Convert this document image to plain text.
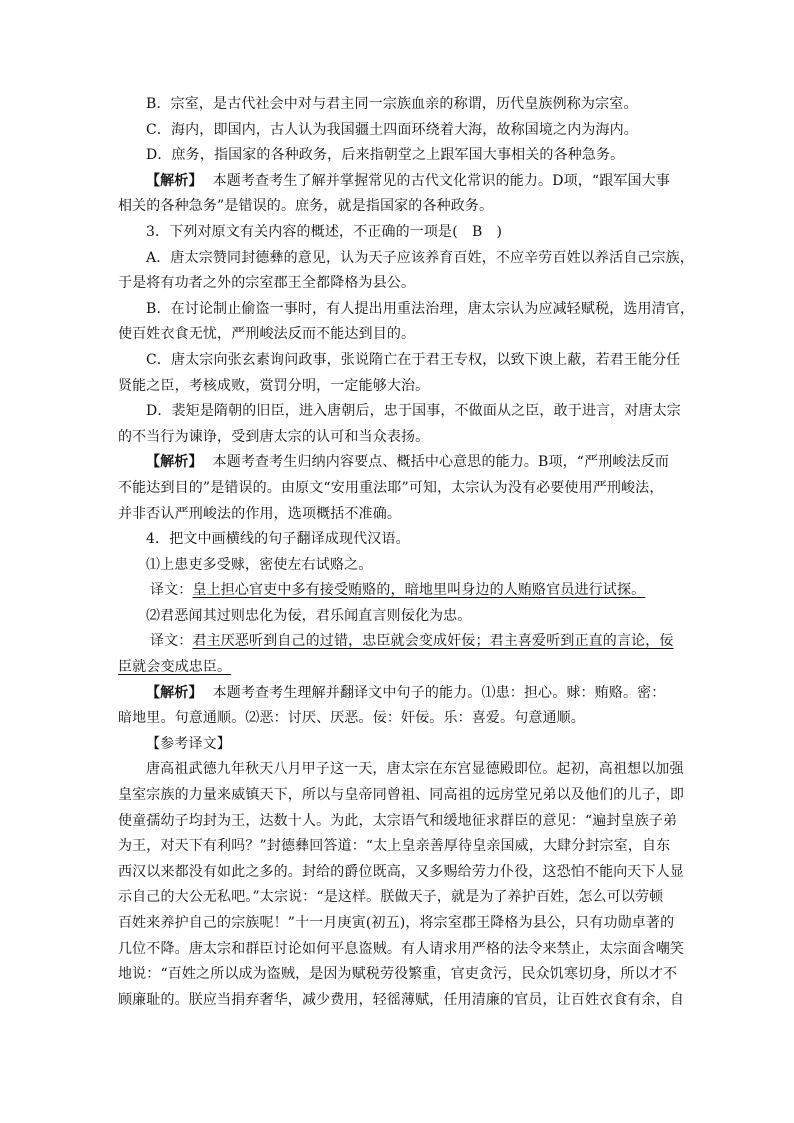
B．宗室，是古代社会中对与君主同一宗族血亲的称谓，历代皇族例称为宗室。
C．海内，即国内，古人认为我国疆土四面环绕着大海，故称国境之内为海内。
D．庶务，指国家的各种政务，后来指朝堂之上跟军国大事相关的各种急务。
【解析】 本题考查考生了解并掌握常见的古代文化常识的能力。D项，“跟军国大事
相关的各种急务”是错误的。庶务，就是指国家的各种政务。
3．下列对原文有关内容的概述，不正确的一项是(　B　)
A．唐太宗赞同封德彝的意见，认为天子应该养育百姓，不应辛劳百姓以养活自己宗族，
于是将有功者之外的宗室郡王全都降格为县公。
B．在讨论制止偷盗一事时，有人提出用重法治理，唐太宗认为应减轻赋税，选用清官，
使百姓衣食无忧，严刑峻法反而不能达到目的。
C．唐太宗向张玄素询问政事，张说隋亡在于君王专权，以致下谀上蔽，若君王能分任
贤能之臣，考核成败，赏罚分明，一定能够大治。
D．裴矩是隋朝的旧臣，进入唐朝后，忠于国事，不做面从之臣，敢于进言，对唐太宗
的不当行为谏诤，受到唐太宗的认可和当众表扬。
【解析】 本题考查考生归纳内容要点、概括中心意思的能力。B项，“严刑峻法反而
不能达到目的”是错误的。由原文“安用重法耶”可知，太宗认为没有必要使用严刑峻法，
并非否认严刑峻法的作用，选项概括不准确。
4．把文中画横线的句子翻译成现代汉语。
⑴上患吏多受赇，密使左右试赂之。
译文：皇上担心官吏中多有接受贿赂的，暗地里叫身边的人贿赂官员进行试探。
⑵君恶闻其过则忠化为佞，君乐闻直言则佞化为忠。
译文：君主厌恶听到自己的过错，忠臣就会变成奸佞；君主喜爱听到正直的言论，佞
臣就会变成忠臣。
【解析】 本题考查考生理解并翻译文中句子的能力。⑴患：担心。赇：贿赂。密：
暗地里。句意通顺。⑵恶：讨厌、厌恶。佞：奸佞。乐：喜爱。句意通顺。
【参考译文】
唐高祖武德九年秋天八月甲子这一天，唐太宗在东宫显德殿即位。起初，高祖想以加强
皇室宗族的力量来威镇天下，所以与皇帝同曾祖、同高祖的远房堂兄弟以及他们的儿子，即
使童孺幼子均封为王，达数十人。为此，太宗语气和缓地征求群臣的意见：“遍封皇族子弟
为王，对天下有利吗？”封德彝回答道：“太上皇亲善厚待皇亲国威，大肆分封宗室，自东
西汉以来都没有如此之多的。封给的爵位既高，又多赐给劳力仆役，这恐怕不能向天下人显
示自己的大公无私吧。”太宗说：“是这样。朕做天子，就是为了养护百姓，怎么可以劳顿
百姓来养护自己的宗族呢！”十一月庚寅(初五)，将宗室郡王降格为县公，只有功勋卓著的
几位不降。唐太宗和群臣讨论如何平息盗贼。有人请求用严格的法令来禁止，太宗面含嘲笑
地说：“百姓之所以成为盗贼，是因为赋税劳役繁重，官吏贪污，民众饥寒切身，所以才不
顾廉耻的。朕应当捐弃奢华，减少费用，轻徭薄赋，任用清廉的官员，让百姓衣食有余，自
